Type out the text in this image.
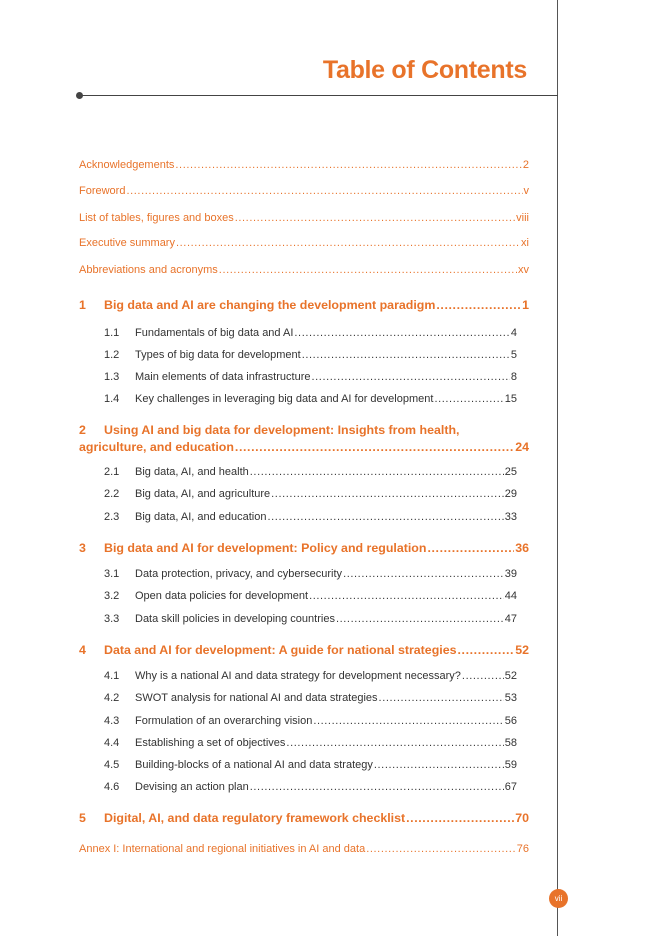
Table of Contents
Acknowledgements .....	2
Foreword .....	v
List of tables, figures and boxes .....	viii
Executive summary .....	xi
Abbreviations and acronyms .....	xv
1	Big data and AI are changing the development paradigm .....	1
1.1	Fundamentals of big data and AI .....	4
1.2	Types of big data for development .....	5
1.3	Main elements of data infrastructure .....	8
1.4	Key challenges in leveraging big data and AI for development .....	15
2 Using AI and big data for development: Insights from health,
agriculture, and education .....	24
2.1	Big data, AI, and health .....	25
2.2	Big data, AI, and agriculture .....	29
2.3	Big data, AI, and education .....	33
3	Big data and AI for development: Policy and regulation .....	36
3.1	Data protection, privacy, and cybersecurity .....	39
3.2	Open data policies for development .....	44
3.3	Data skill policies in developing countries .....	47
4	Data and AI for development: A guide for national strategies .....	52
4.1	Why is a national AI and data strategy for development necessary? .....	52
4.2	SWOT analysis for national AI and data strategies .....	53
4.3	Formulation of an overarching vision .....	56
4.4	Establishing a set of objectives .....	58
4.5	Building-blocks of a national AI and data strategy .....	59
4.6	Devising an action plan .....	67
5	Digital, AI, and data regulatory framework checklist .....	70
Annex I: International and regional initiatives in AI and data .....	76
vii
